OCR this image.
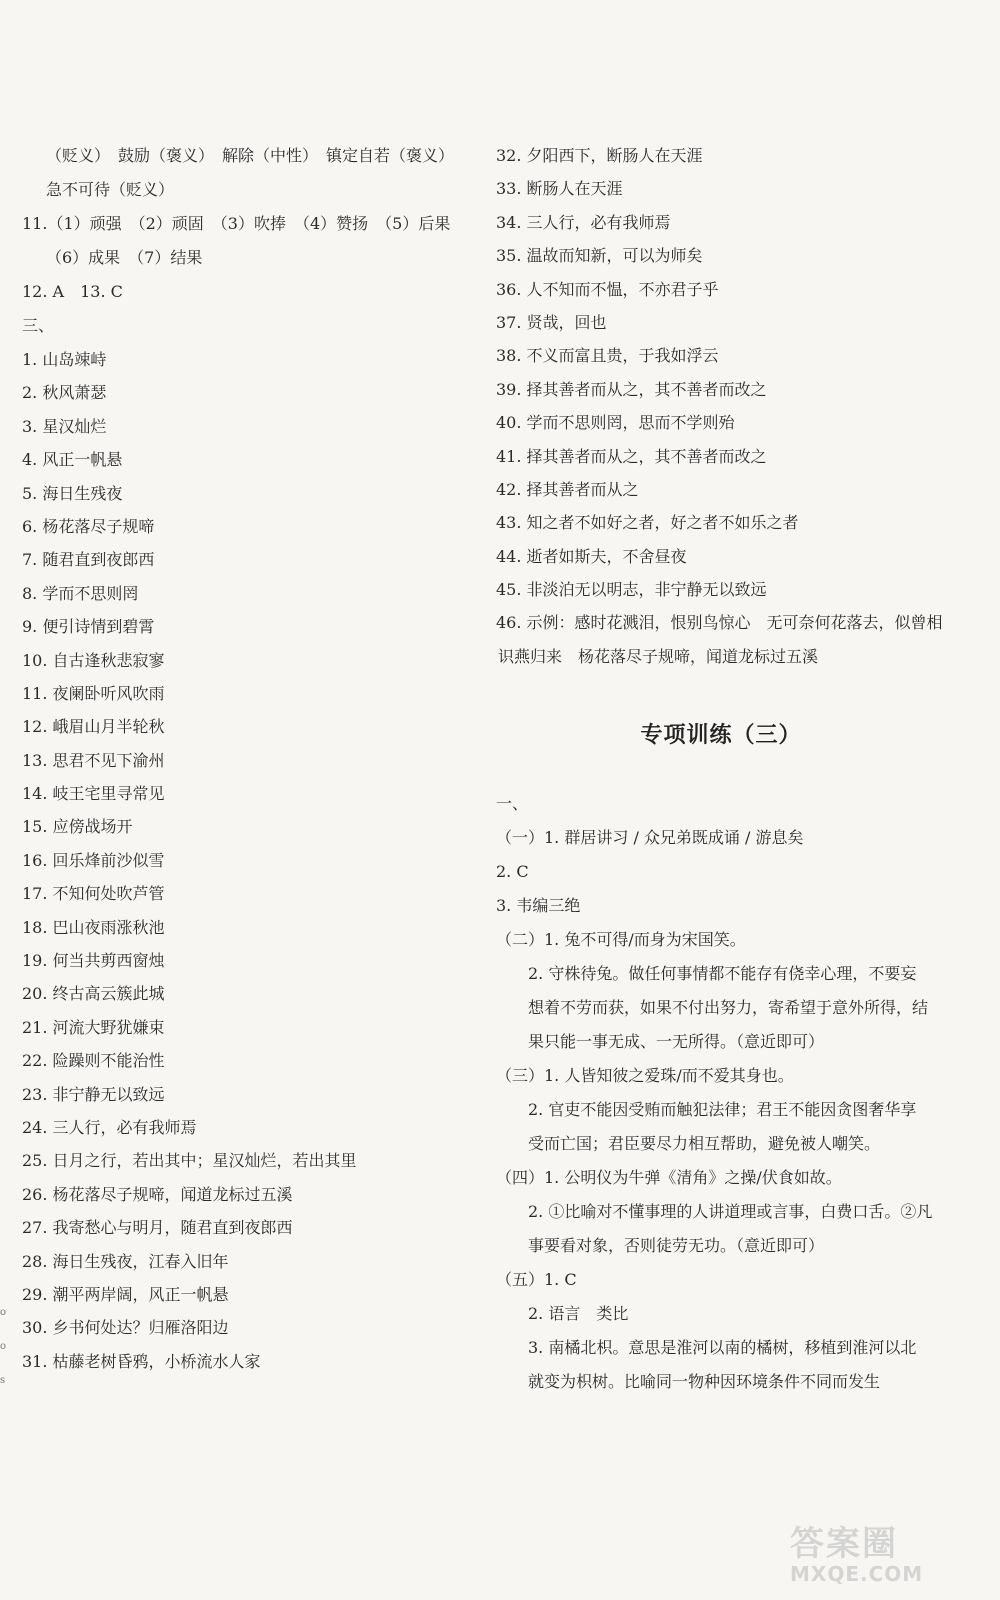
（贬义）　鼓励（褒义）　解除（中性）　镇定自若（褒义）
急不可待（贬义）
11.（1）顽强　（2）顽固　（3）吹捧　（4）赞扬　（5）后果
（6）成果　（7）结果
12. A　13. C
三、
1. 山岛竦峙
2. 秋风萧瑟
3. 星汉灿烂
4. 风正一帆悬
5. 海日生残夜
6. 杨花落尽子规啼
7. 随君直到夜郎西
8. 学而不思则罔
9. 便引诗情到碧霄
10. 自古逢秋悲寂寥
11. 夜阑卧听风吹雨
12. 峨眉山月半轮秋
13. 思君不见下渝州
14. 岐王宅里寻常见
15. 应傍战场开
16. 回乐烽前沙似雪
17. 不知何处吹芦管
18. 巴山夜雨涨秋池
19. 何当共剪西窗烛
20. 终古高云簇此城
21. 河流大野犹嫌束
22. 险躁则不能治性
23. 非宁静无以致远
24. 三人行，必有我师焉
25. 日月之行，若出其中；星汉灿烂，若出其里
26. 杨花落尽子规啼，闻道龙标过五溪
27. 我寄愁心与明月，随君直到夜郎西
28. 海日生残夜，江春入旧年
29. 潮平两岸阔，风正一帆悬
30. 乡书何处达？归雁洛阳边
31. 枯藤老树昏鸦，小桥流水人家
32. 夕阳西下，断肠人在天涯
33. 断肠人在天涯
34. 三人行，必有我师焉
35. 温故而知新，可以为师矣
36. 人不知而不愠，不亦君子乎
37. 贤哉，回也
38. 不义而富且贵，于我如浮云
39. 择其善者而从之，其不善者而改之
40. 学而不思则罔，思而不学则殆
41. 择其善者而从之，其不善者而改之
42. 择其善者而从之
43. 知之者不如好之者，好之者不如乐之者
44. 逝者如斯夫，不舍昼夜
45. 非淡泊无以明志，非宁静无以致远
46. 示例：感时花溅泪，恨别鸟惊心　无可奈何花落去，似曾相
识燕归来　杨花落尽子规啼，闻道龙标过五溪
专项训练（三）
一、
（一）1. 群居讲习 / 众兄弟既成诵 / 游息矣
2. C
3. 韦编三绝
（二）1. 兔不可得/而身为宋国笑。
2. 守株待兔。做任何事情都不能存有侥幸心理，不要妄
想着不劳而获，如果不付出努力，寄希望于意外所得，结
果只能一事无成、一无所得。（意近即可）
（三）1. 人皆知彼之爱珠/而不爱其身也。
2. 官吏不能因受贿而触犯法律；君王不能因贪图奢华享
受而亡国；君臣要尽力相互帮助，避免被人嘲笑。
（四）1. 公明仪为牛弹《清角》之操/伏食如故。
2. ①比喻对不懂事理的人讲道理或言事，白费口舌。②凡
事要看对象，否则徒劳无功。（意近即可）
（五）1. C
2. 语言　类比
3. 南橘北枳。意思是淮河以南的橘树，移植到淮河以北
就变为枳树。比喻同一物种因环境条件不同而发生
o
o
s
答案圈
MXQE.COM
